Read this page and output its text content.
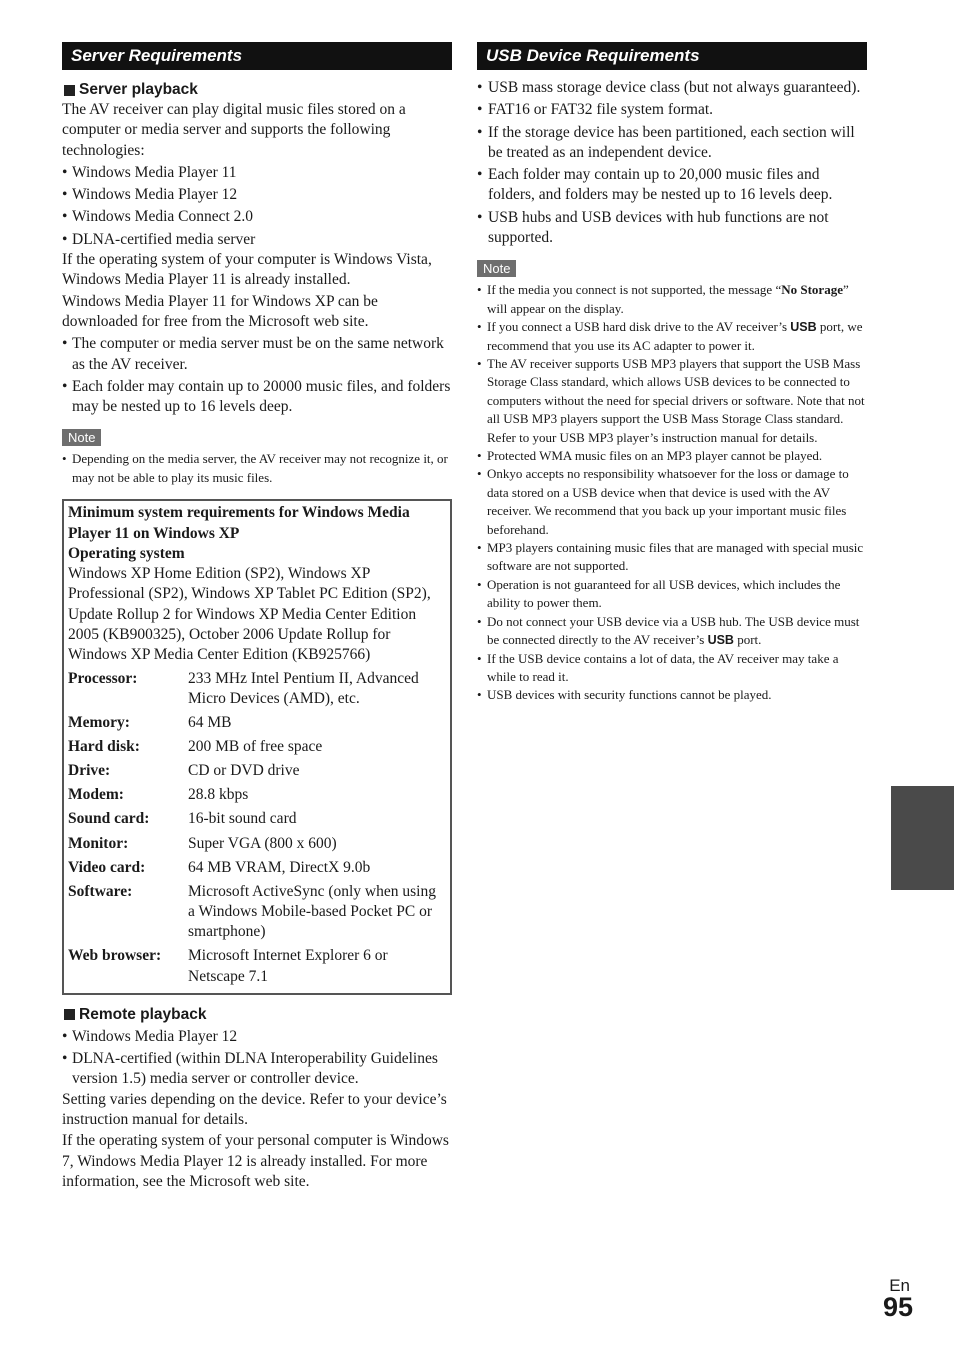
Server Requirements
Server playback

The AV receiver can play digital music files stored on a computer or media server and supports the following technologies:

• Windows Media Player 11
• Windows Media Player 12
• Windows Media Connect 2.0
• DLNA-certified media server

If the operating system of your computer is Windows Vista, Windows Media Player 11 is already installed.

Windows Media Player 11 for Windows XP can be downloaded for free from the Microsoft web site.

• The computer or media server must be on the same network as the AV receiver.
• Each folder may contain up to 20000 music files, and folders may be nested up to 16 levels deep.
Note
• Depending on the media server, the AV receiver may not recognize it, or may not be able to play its music files.
Minimum system requirements for Windows Media Player 11 on Windows XP
Operating system
Windows XP Home Edition (SP2), Windows XP Professional (SP2), Windows XP Tablet PC Edition (SP2), Update Rollup 2 for Windows XP Media Center Edition 2005 (KB900325), October 2006 Update Rollup for Windows XP Media Center Edition (KB925766)
Processor:	233 MHz Intel Pentium II, Advanced Micro Devices (AMD), etc.
Memory:	64 MB
Hard disk:	200 MB of free space
Drive:	CD or DVD drive
Modem:	28.8 kbps
Sound card:	16-bit sound card
Monitor:	Super VGA (800 x 600)
Video card:	64 MB VRAM, DirectX 9.0b
Software:	Microsoft ActiveSync (only when using a Windows Mobile-based Pocket PC or smartphone)
Web browser:	Microsoft Internet Explorer 6 or Netscape 7.1
Remote playback
• Windows Media Player 12
• DLNA-certified (within DLNA Interoperability Guidelines version 1.5) media server or controller device.

Setting varies depending on the device. Refer to your device’s instruction manual for details.

If the operating system of your personal computer is Windows 7, Windows Media Player 12 is already installed. For more information, see the Microsoft web site.

USB Device Requirements
• USB mass storage device class (but not always guaranteed).
• FAT16 or FAT32 file system format.
• If the storage device has been partitioned, each section will be treated as an independent device.
• Each folder may contain up to 20,000 music files and folders, and folders may be nested up to 16 levels deep.
• USB hubs and USB devices with hub functions are not supported.
Note
• If the media you connect is not supported, the message “No Storage” will appear on the display.
• If you connect a USB hard disk drive to the AV receiver’s USB port, we recommend that you use its AC adapter to power it.
• The AV receiver supports USB MP3 players that support the USB Mass Storage Class standard, which allows USB devices to be connected to computers without the need for special drivers or software. Note that not all USB MP3 players support the USB Mass Storage Class standard. Refer to your USB MP3 player’s instruction manual for details.
• Protected WMA music files on an MP3 player cannot be played.
• Onkyo accepts no responsibility whatsoever for the loss or damage to data stored on a USB device when that device is used with the AV receiver. We recommend that you back up your important music files beforehand.
• MP3 players containing music files that are managed with special music software are not supported.
• Operation is not guaranteed for all USB devices, which includes the ability to power them.
• Do not connect your USB device via a USB hub. The USB device must be connected directly to the AV receiver’s USB port.
• If the USB device contains a lot of data, the AV receiver may take a while to read it.
• USB devices with security functions cannot be played.
En
95
